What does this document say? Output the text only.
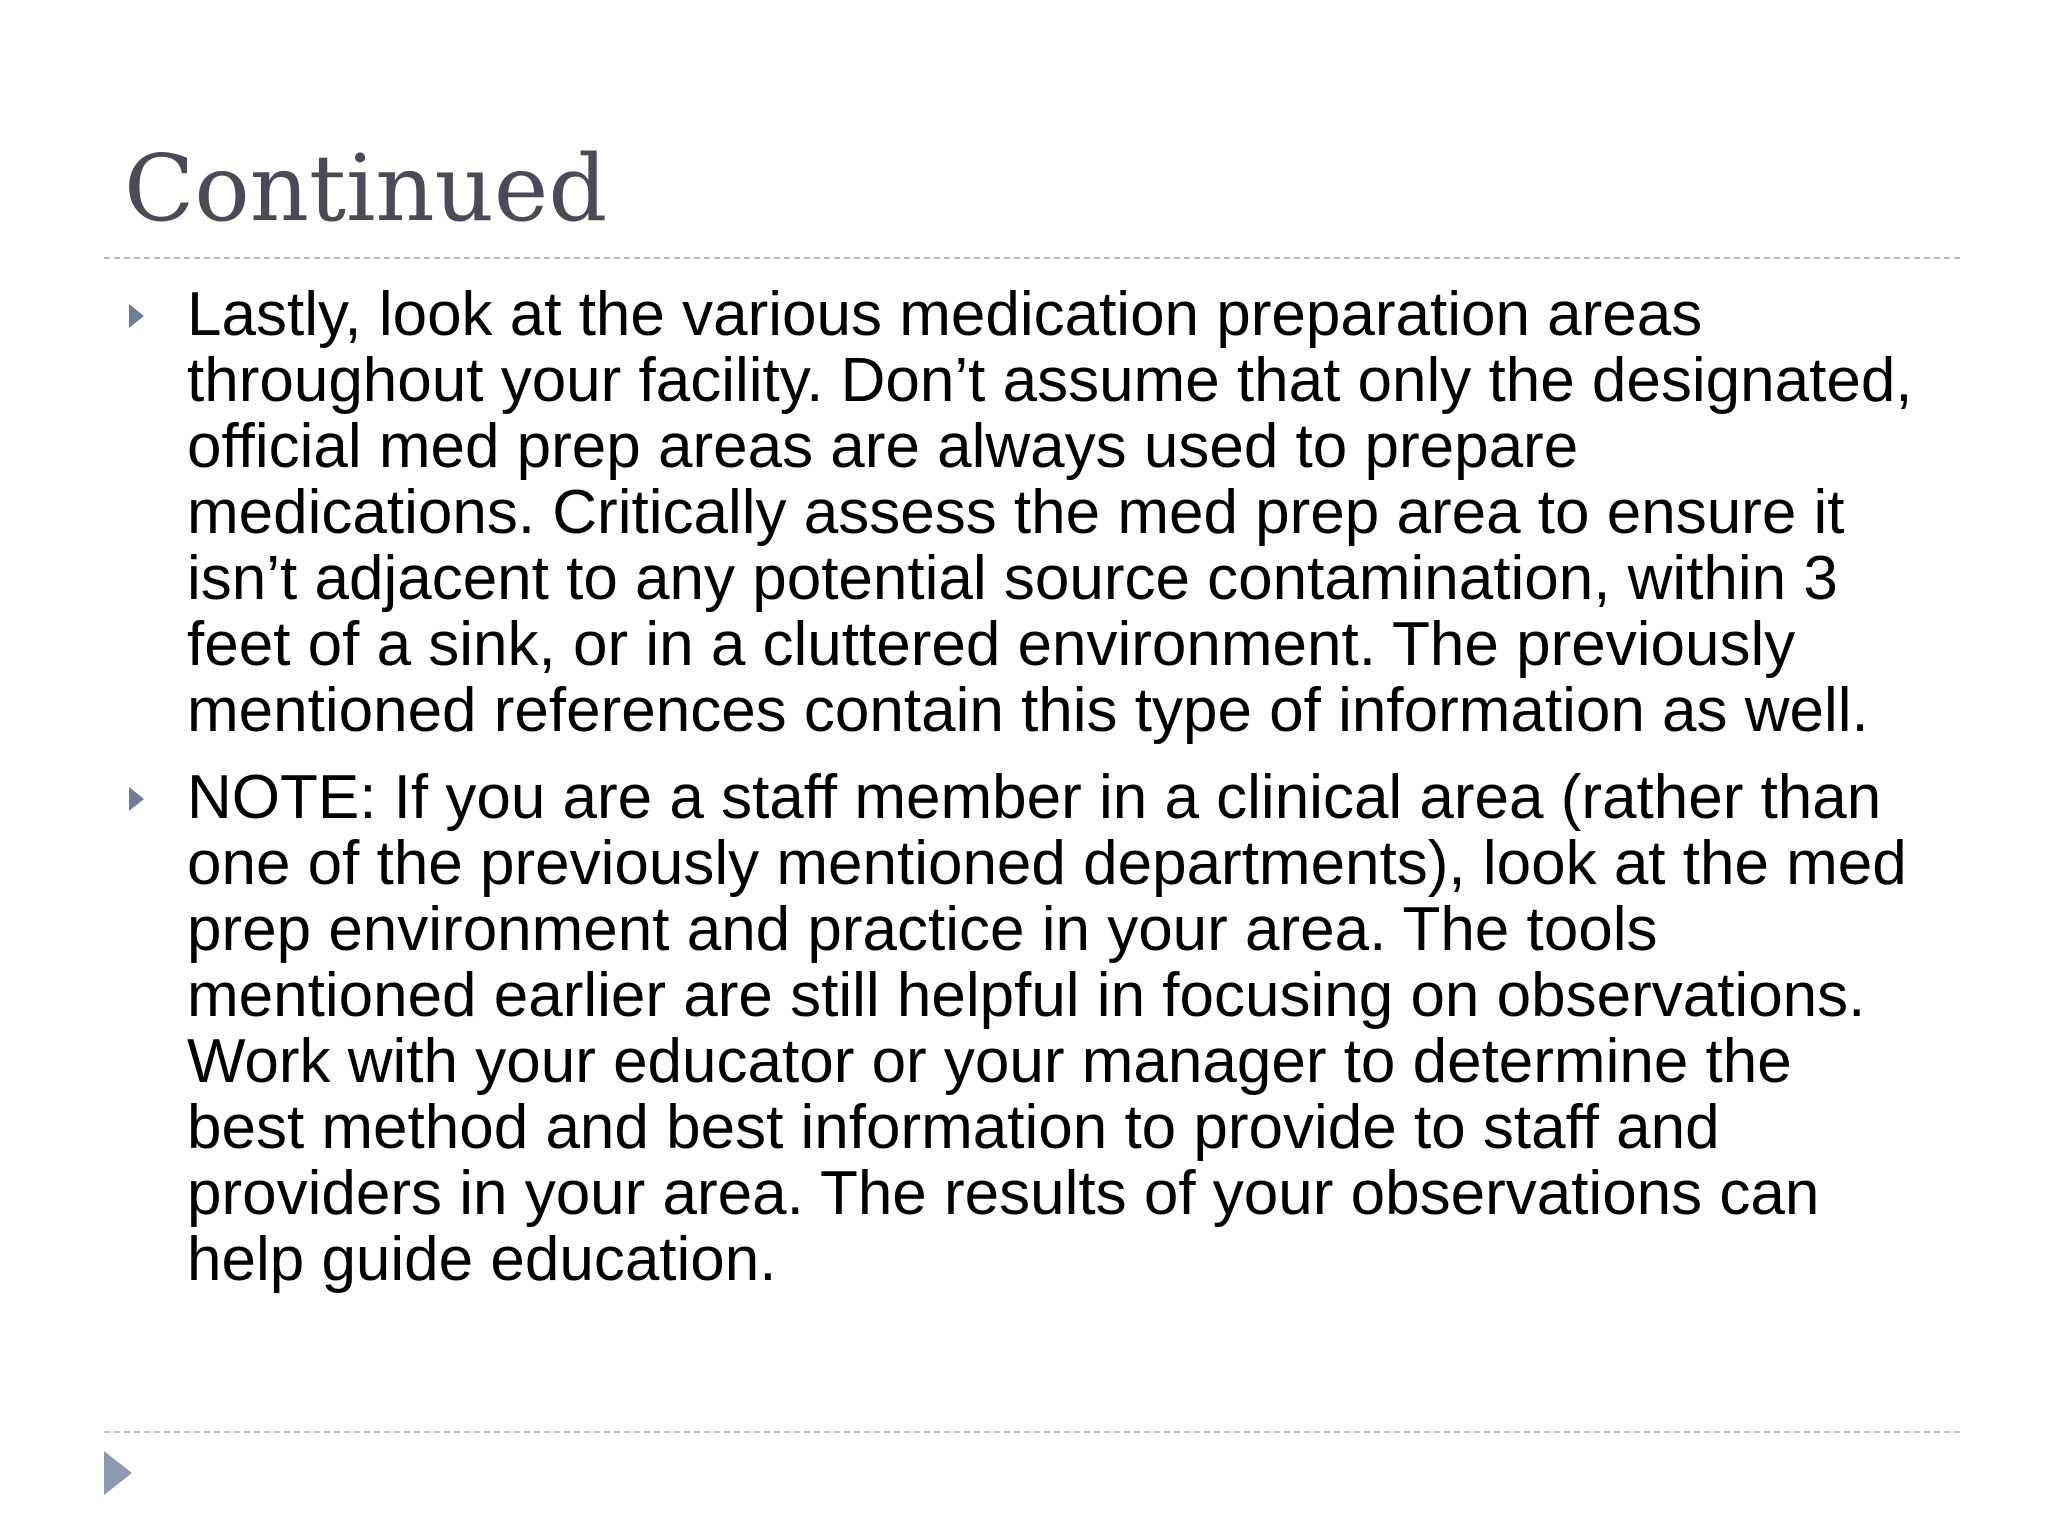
Continued
Lastly, look at the various medication preparation areas throughout your facility. Don’t assume that only the designated, official med prep areas are always used to prepare medications. Critically assess the med prep area to ensure it isn’t adjacent to any potential source contamination, within 3 feet of a sink, or in a cluttered environment. The previously mentioned references contain this type of information as well.
NOTE: If you are a staff member in a clinical area (rather than one of the previously mentioned departments), look at the med prep environment and practice in your area. The tools mentioned earlier are still helpful in focusing on observations. Work with your educator or your manager to determine the best method and best information to provide to staff and providers in your area. The results of your observations can help guide education.
